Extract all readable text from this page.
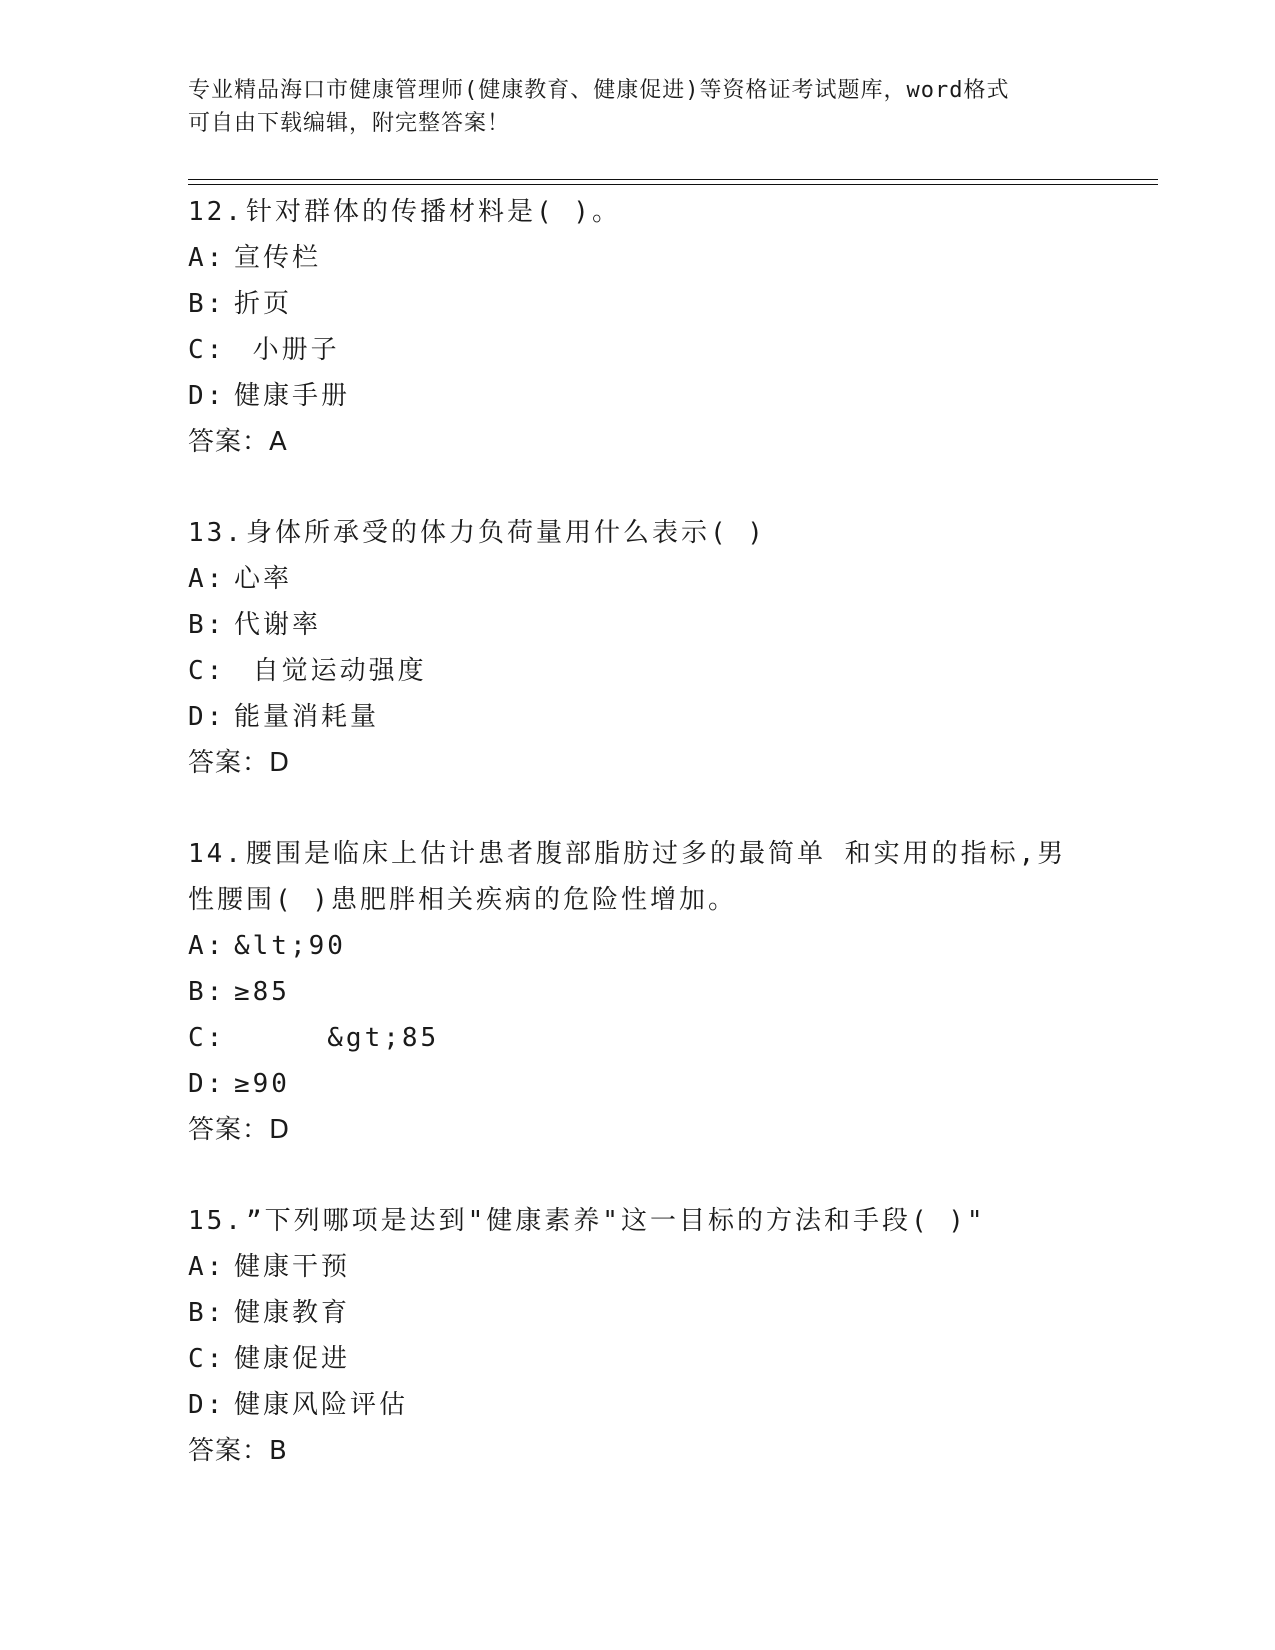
专业精品海口市健康管理师(健康教育、健康促进)等资格证考试题库，word格式
可自由下载编辑，附完整答案！
12.针对群体的传播材料是( )。
A: 宣传栏
B: 折页
C: 小册子
D: 健康手册
答案：A
13.身体所承受的体力负荷量用什么表示( )
A: 心率
B: 代谢率
C: 自觉运动强度
D: 能量消耗量
答案：D
14.腰围是临床上估计患者腹部脂肪过多的最简单 和实用的指标,男
性腰围( )患肥胖相关疾病的危险性增加。
A: &lt;90
B: ≥85
C:     &gt;85
D: ≥90
答案：D
15.”下列哪项是达到"健康素养"这一目标的方法和手段( )"
A: 健康干预
B: 健康教育
C: 健康促进
D: 健康风险评估
答案：B
